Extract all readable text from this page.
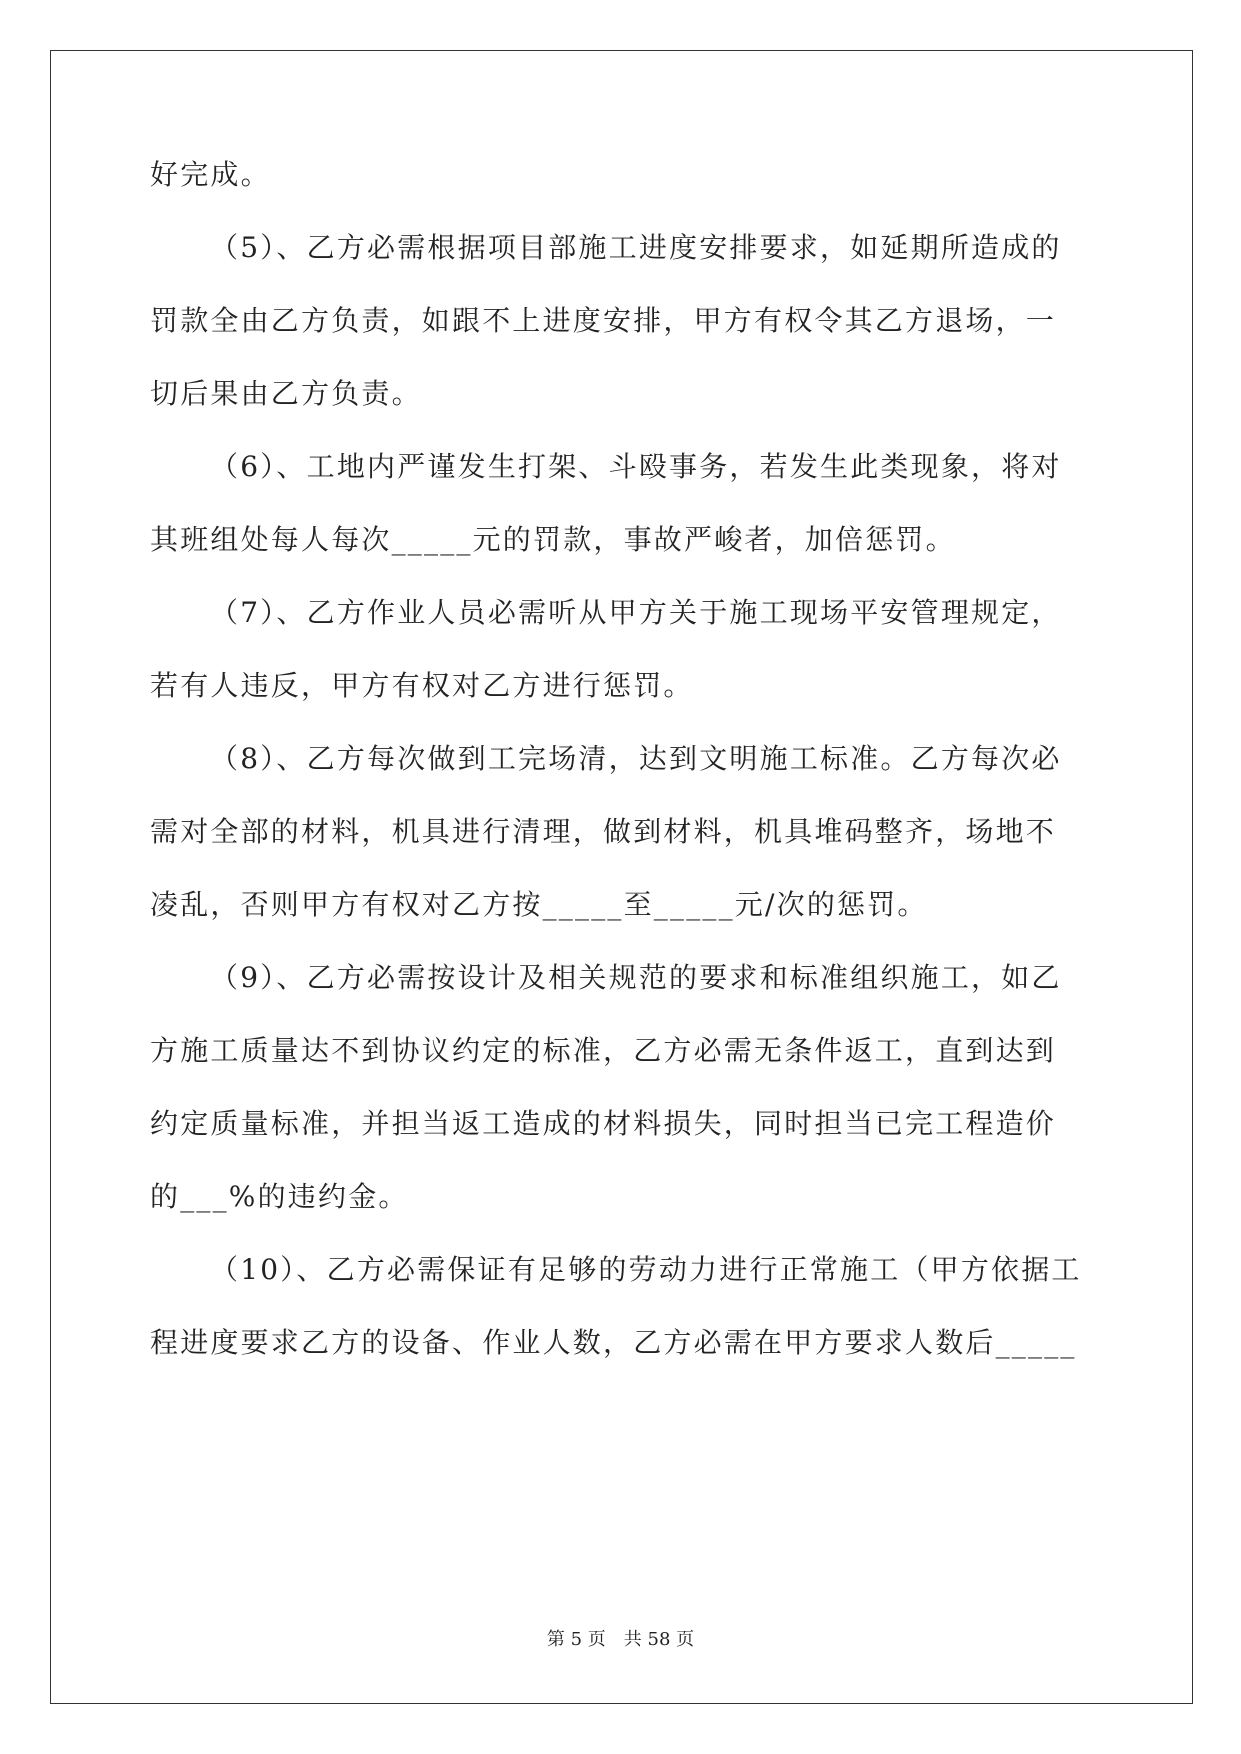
好完成。
（5）、乙方必需根据项目部施工进度安排要求，如延期所造成的
罚款全由乙方负责，如跟不上进度安排，甲方有权令其乙方退场，一
切后果由乙方负责。
（6）、工地内严谨发生打架、斗殴事务，若发生此类现象，将对
其班组处每人每次_____元的罚款，事故严峻者，加倍惩罚。
（7）、乙方作业人员必需听从甲方关于施工现场平安管理规定，
若有人违反，甲方有权对乙方进行惩罚。
（8）、乙方每次做到工完场清，达到文明施工标准。乙方每次必
需对全部的材料，机具进行清理，做到材料，机具堆码整齐，场地不
凌乱，否则甲方有权对乙方按_____至_____元/次的惩罚。
（9）、乙方必需按设计及相关规范的要求和标准组织施工，如乙
方施工质量达不到协议约定的标准，乙方必需无条件返工，直到达到
约定质量标准，并担当返工造成的材料损失，同时担当已完工程造价
的___%的违约金。
（10）、乙方必需保证有足够的劳动力进行正常施工（甲方依据工
程进度要求乙方的设备、作业人数，乙方必需在甲方要求人数后_____
第 5 页　共 58 页
